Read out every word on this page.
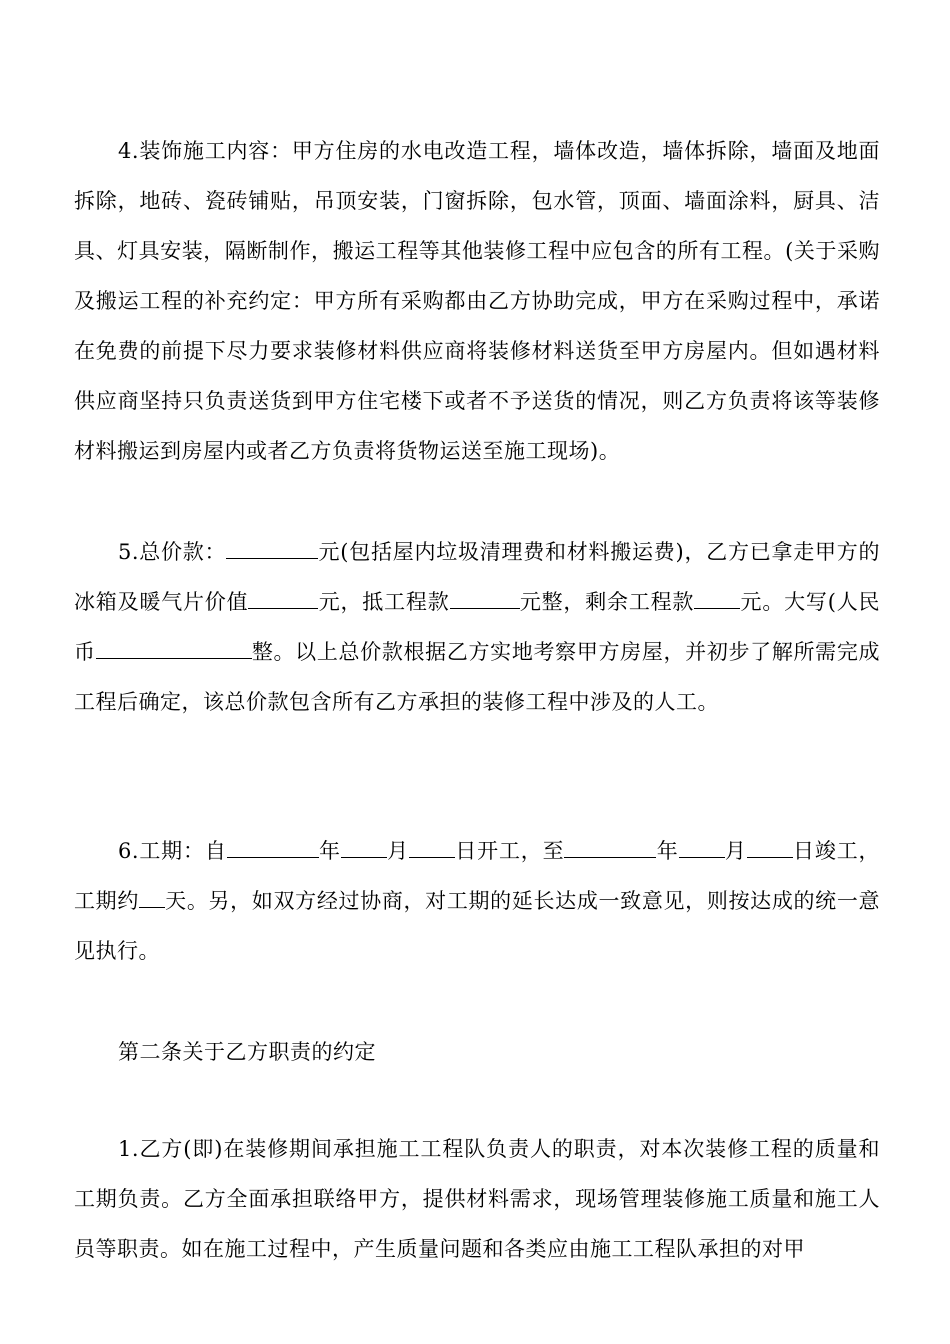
4.装饰施工内容：甲方住房的水电改造工程，墙体改造，墙体拆除，墙面及地面拆除，地砖、瓷砖铺贴，吊顶安装，门窗拆除，包水管，顶面、墙面涂料，厨具、洁具、灯具安装，隔断制作，搬运工程等其他装修工程中应包含的所有工程。(关于采购及搬运工程的补充约定：甲方所有采购都由乙方协助完成，甲方在采购过程中，承诺在免费的前提下尽力要求装修材料供应商将装修材料送货至甲方房屋内。但如遇材料供应商坚持只负责送货到甲方住宅楼下或者不予送货的情况，则乙方负责将该等装修材料搬运到房屋内或者乙方负责将货物运送至施工现场)。

5.总价款：	元(包括屋内垃圾清理费和材料搬运费)，乙方已拿走甲方的冰箱及暖气片价值	元，抵工程款	元整，剩余工程款 元。大写(人民币	整。以上总价款根据乙方实地考察甲方房屋，并初步了解所需完成工程后确定，该总价款包含所有乙方承担的装修工程中涉及的人工。

6.工期：自	年 月 日开工，至	年 月 日竣工，工期约 天。另，如双方经过协商，对工期的延长达成一致意见，则按达成的统一意见执行。

第二条关于乙方职责的约定

1.乙方(即)在装修期间承担施工工程队负责人的职责，对本次装修工程的质量和工期负责。乙方全面承担联络甲方，提供材料需求，现场管理装修施工质量和施工人员等职责。如在施工过程中，产生质量问题和各类应由施工工程队承担的对甲
